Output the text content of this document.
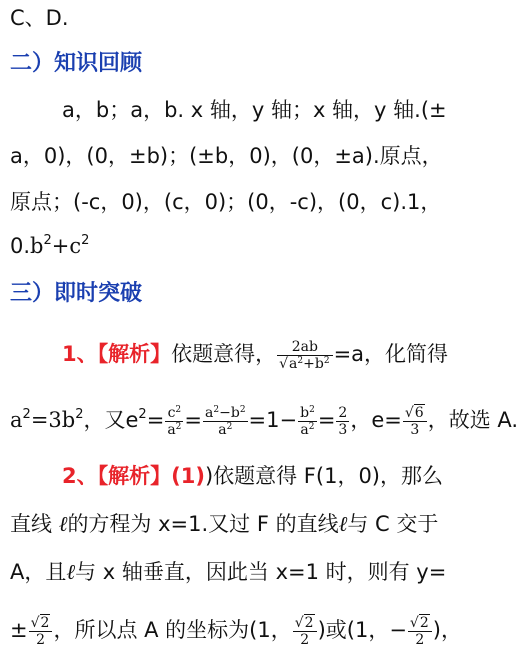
C、D.
二）知识回顾
a，b；a，b. x 轴，y 轴；x 轴，y 轴.(±
a，0)，(0，±b)；(±b，0)，(0，±a).原点，
原点；(-c，0)，(c，0)；(0，-c)，(0，c).1，
$0.b^2+c^2$
三）即时突破
1、【解析】依题意得， $\frac{2ab}{√a^2+b^2} =a$，化简得
$a^2=3b^2$，又$e^2= \frac{c^2}{a^2} = \frac{a^2-b^2}{a^2} =1- \frac{b^2}{a^2} = \frac{2}{3}$ ，$e= \frac{√6}{3}$ ，故选 A.
2、【解析】(1))依题意得 F(1，0)，那么
直线 ℓ的方程为 x=1.又过 F 的直线ℓ与 C 交于
A，且ℓ与 x 轴垂直，因此当 x=1 时，则有 y=
± $\frac{√2}{2}$ ，所以点 A 的坐标为(1， $\frac{√2}{2}$ )或(1，− $\frac{√2}{2}$ )，
